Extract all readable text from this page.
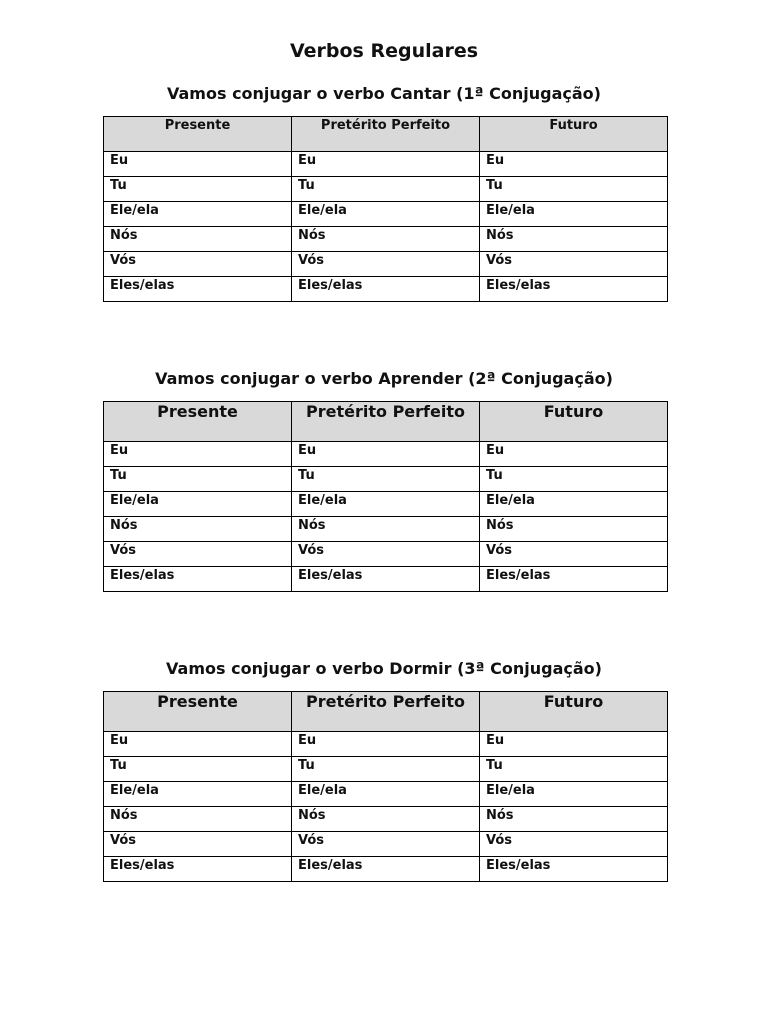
Verbos Regulares
Vamos conjugar o verbo Cantar (1ª Conjugação)
Presente	Pretérito Perfeito	Futuro
Eu	Eu	Eu
Tu	Tu	Tu
Ele/ela	Ele/ela	Ele/ela
Nós	Nós	Nós
Vós	Vós	Vós
Eles/elas	Eles/elas	Eles/elas
Vamos conjugar o verbo Aprender (2ª Conjugação)
Presente	Pretérito Perfeito	Futuro
Eu	Eu	Eu
Tu	Tu	Tu
Ele/ela	Ele/ela	Ele/ela
Nós	Nós	Nós
Vós	Vós	Vós
Eles/elas	Eles/elas	Eles/elas
Vamos conjugar o verbo Dormir (3ª Conjugação)
Presente	Pretérito Perfeito	Futuro
Eu	Eu	Eu
Tu	Tu	Tu
Ele/ela	Ele/ela	Ele/ela
Nós	Nós	Nós
Vós	Vós	Vós
Eles/elas	Eles/elas	Eles/elas
